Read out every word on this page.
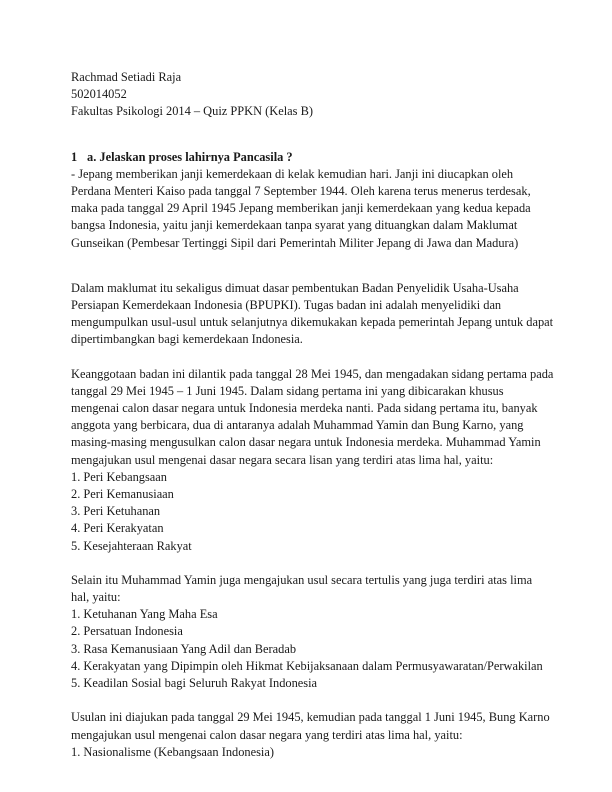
Rachmad Setiadi Raja
502014052
Fakultas Psikologi 2014 – Quiz PPKN (Kelas B)
1 a. Jelaskan proses lahirnya Pancasila ?
- Jepang memberikan janji kemerdekaan di kelak kemudian hari. Janji ini diucapkan oleh
Perdana Menteri Kaiso pada tanggal 7 September 1944. Oleh karena terus menerus terdesak,
maka pada tanggal 29 April 1945 Jepang memberikan janji kemerdekaan yang kedua kepada
bangsa Indonesia, yaitu janji kemerdekaan tanpa syarat yang dituangkan dalam Maklumat
Gunseikan (Pembesar Tertinggi Sipil dari Pemerintah Militer Jepang di Jawa dan Madura)
Dalam maklumat itu sekaligus dimuat dasar pembentukan Badan Penyelidik Usaha-Usaha
Persiapan Kemerdekaan Indonesia (BPUPKI). Tugas badan ini adalah menyelidiki dan
mengumpulkan usul-usul untuk selanjutnya dikemukakan kepada pemerintah Jepang untuk dapat
dipertimbangkan bagi kemerdekaan Indonesia.
Keanggotaan badan ini dilantik pada tanggal 28 Mei 1945, dan mengadakan sidang pertama pada
tanggal 29 Mei 1945 – 1 Juni 1945. Dalam sidang pertama ini yang dibicarakan khusus
mengenai calon dasar negara untuk Indonesia merdeka nanti. Pada sidang pertama itu, banyak
anggota yang berbicara, dua di antaranya adalah Muhammad Yamin dan Bung Karno, yang
masing-masing mengusulkan calon dasar negara untuk Indonesia merdeka. Muhammad Yamin
mengajukan usul mengenai dasar negara secara lisan yang terdiri atas lima hal, yaitu:
1. Peri Kebangsaan
2. Peri Kemanusiaan
3. Peri Ketuhanan
4. Peri Kerakyatan
5. Kesejahteraan Rakyat
Selain itu Muhammad Yamin juga mengajukan usul secara tertulis yang juga terdiri atas lima
hal, yaitu:
1. Ketuhanan Yang Maha Esa
2. Persatuan Indonesia
3. Rasa Kemanusiaan Yang Adil dan Beradab
4. Kerakyatan yang Dipimpin oleh Hikmat Kebijaksanaan dalam Permusyawaratan/Perwakilan
5. Keadilan Sosial bagi Seluruh Rakyat Indonesia
Usulan ini diajukan pada tanggal 29 Mei 1945, kemudian pada tanggal 1 Juni 1945, Bung Karno
mengajukan usul mengenai calon dasar negara yang terdiri atas lima hal, yaitu:
1. Nasionalisme (Kebangsaan Indonesia)
